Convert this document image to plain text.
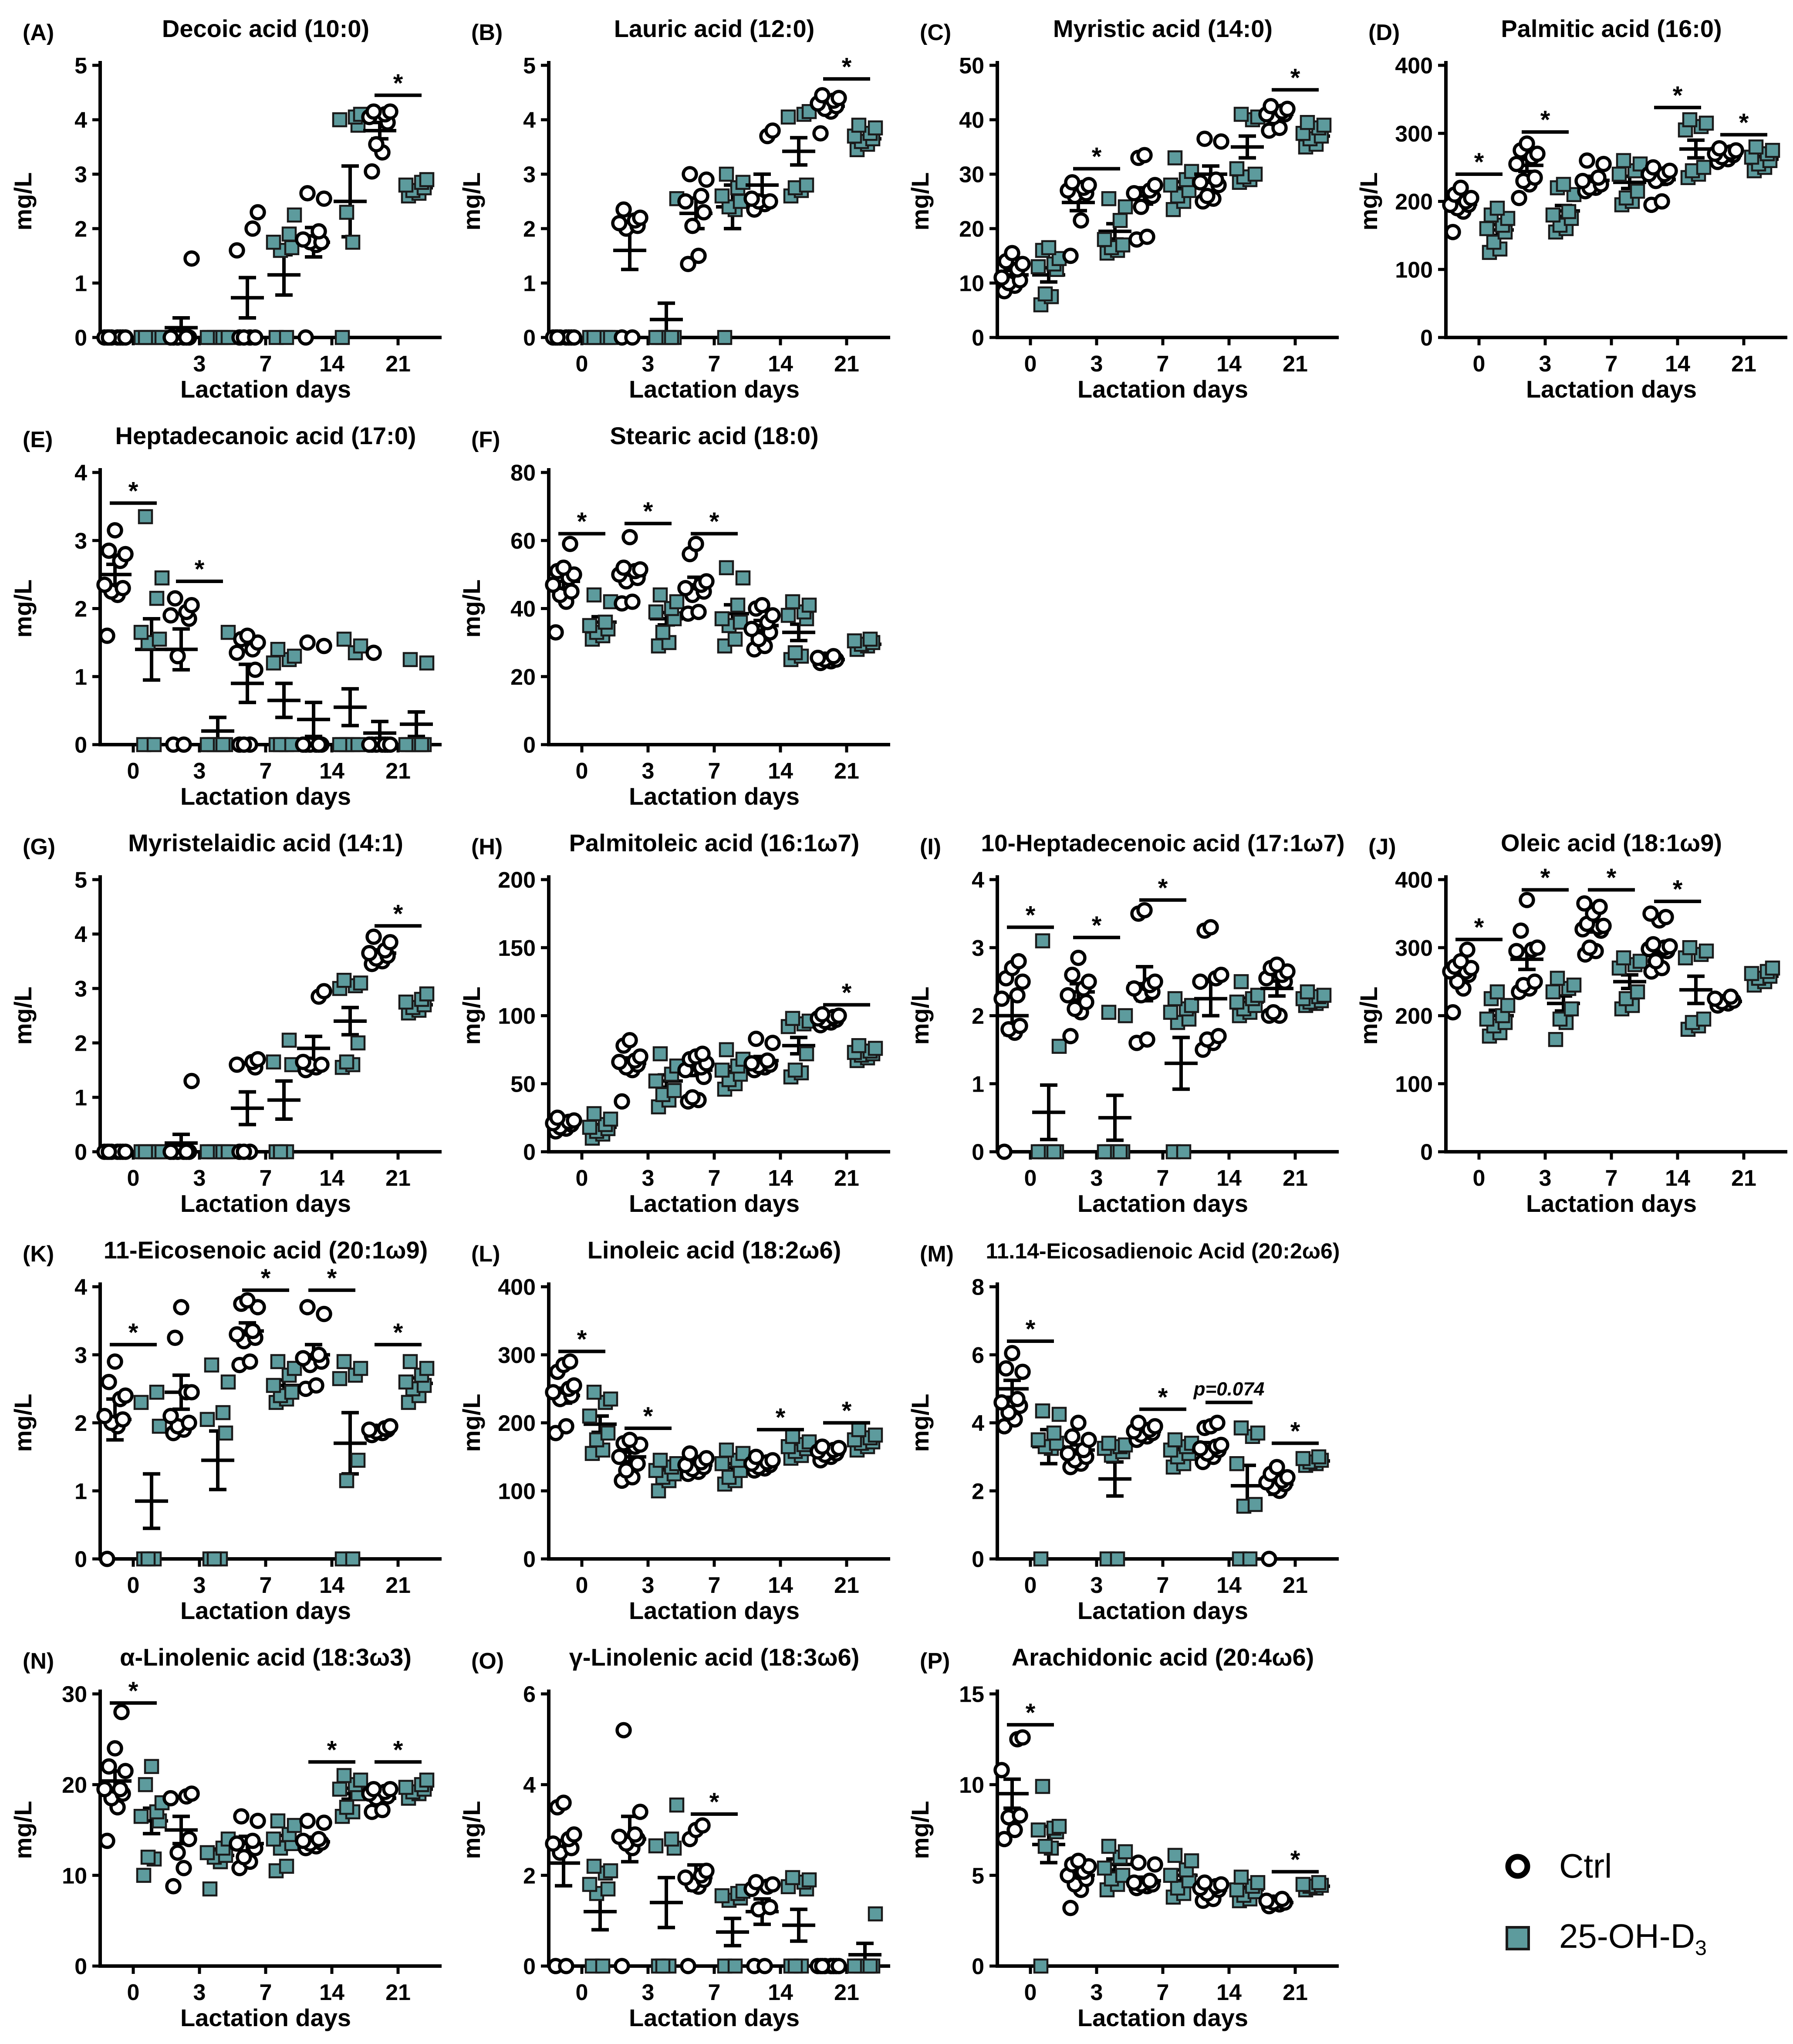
(A)	Decoic acid (10:0)
0
1
2
3
4
5
3 7 14 21
mg/L
Lactation days
*
(B)	Lauric acid (12:0)
0
1
2
3
4
5
0 3 7 14 21
mg/L
Lactation days
*
(C)	Myristic acid (14:0)
0
10
20
30
40
50
0 3 7 14 21
mg/L
Lactation days
*
*
(D)	Palmitic acid (16:0)
0
100
200
300
400
0 3 7 14 21
mg/L
Lactation days
*
*
*
*
(E)	Heptadecanoic acid (17:0)
0
1
2
3
4
0 3 7 14 21
mg/L
Lactation days
*
*
(F)	Stearic acid (18:0)
0
20
40
60
80
0 3 7 14 21
mg/L
Lactation days
* * *
(G)	Myristelaidic acid (14:1)
0
1
2
3
4
5
0 3 7 14 21
mg/L
Lactation days
*
(H)	Palmitoleic acid (16:1ω7)
0
50
100
150
200
0 3 7 14 21
mg/L
Lactation days
*
(I) 10-Heptadecenoic acid (17:1ω7)
0
1
2
3
4
0 3 7 14 21
mg/L
Lactation days
* *
*
(J)	Oleic acid (18:1ω9)
0
100
200
300
400
0 3 7 14 21
mg/L
Lactation days
*
* * *
(K) 11-Eicosenoic acid (20:1ω9)
0
1
2
3
4
0 3 7 14 21
mg/L
Lactation days
*
* *
*
(L)	Linoleic acid (18:2ω6)
0
100
200
300
400
0 3 7 14 21
mg/L
Lactation days
*
*	* *
(M) 11.14-Eicosadienoic Acid (20:2ω6)
0
2
4
6
8
0 3 7 14 21
mg/L
Lactation days
*
* p=0.074
*
(N)	α-Linolenic acid (18:3ω3)
0
10
20
30
0 3 7 14 21
mg/L
Lactation days
*
* *
(O)	γ-Linolenic acid (18:3ω6)
0
2
4
6
0 3 7 14 21
mg/L
Lactation days
*
(P)	Arachidonic acid (20:4ω6)
0
5
10
15
0 3 7 14 21
mg/L
Lactation days
*
*	Ctrl
$25-OH-D_3$
